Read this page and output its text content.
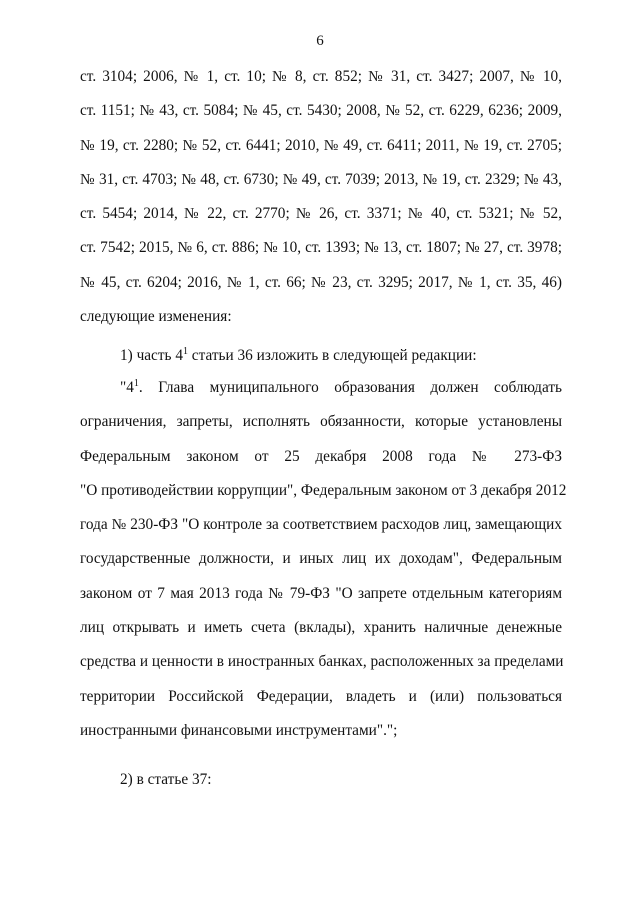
6
ст. 3104; 2006, № 1, ст. 10; № 8, ст. 852; № 31, ст. 3427; 2007, № 10,
ст. 1151; № 43, ст. 5084; № 45, ст. 5430; 2008, № 52, ст. 6229, 6236; 2009,
№ 19, ст. 2280; № 52, ст. 6441; 2010, № 49, ст. 6411; 2011, № 19, ст. 2705;
№ 31, ст. 4703; № 48, ст. 6730; № 49, ст. 7039; 2013, № 19, ст. 2329; № 43,
ст. 5454; 2014, № 22, ст. 2770; № 26, ст. 3371; № 40, ст. 5321; № 52,
ст. 7542; 2015, № 6, ст. 886; № 10, ст. 1393; № 13, ст. 1807; № 27, ст. 3978;
№ 45, ст. 6204; 2016, № 1, ст. 66; № 23, ст. 3295; 2017, № 1, ст. 35, 46)
следующие изменения:
1) часть $4^1$ статьи 36 изложить в следующей редакции:
"$4^1$. Глава муниципального образования должен соблюдать
ограничения, запреты, исполнять обязанности, которые установлены
Федеральным законом от 25 декабря 2008 года № 273-ФЗ
"О противодействии коррупции", Федеральным законом от 3 декабря 2012
года № 230-ФЗ "О контроле за соответствием расходов лиц, замещающих
государственные должности, и иных лиц их доходам", Федеральным
законом от 7 мая 2013 года № 79-ФЗ "О запрете отдельным категориям
лиц открывать и иметь счета (вклады), хранить наличные денежные
средства и ценности в иностранных банках, расположенных за пределами
территории Российской Федерации, владеть и (или) пользоваться
иностранными финансовыми инструментами".";
2) в статье 37:
